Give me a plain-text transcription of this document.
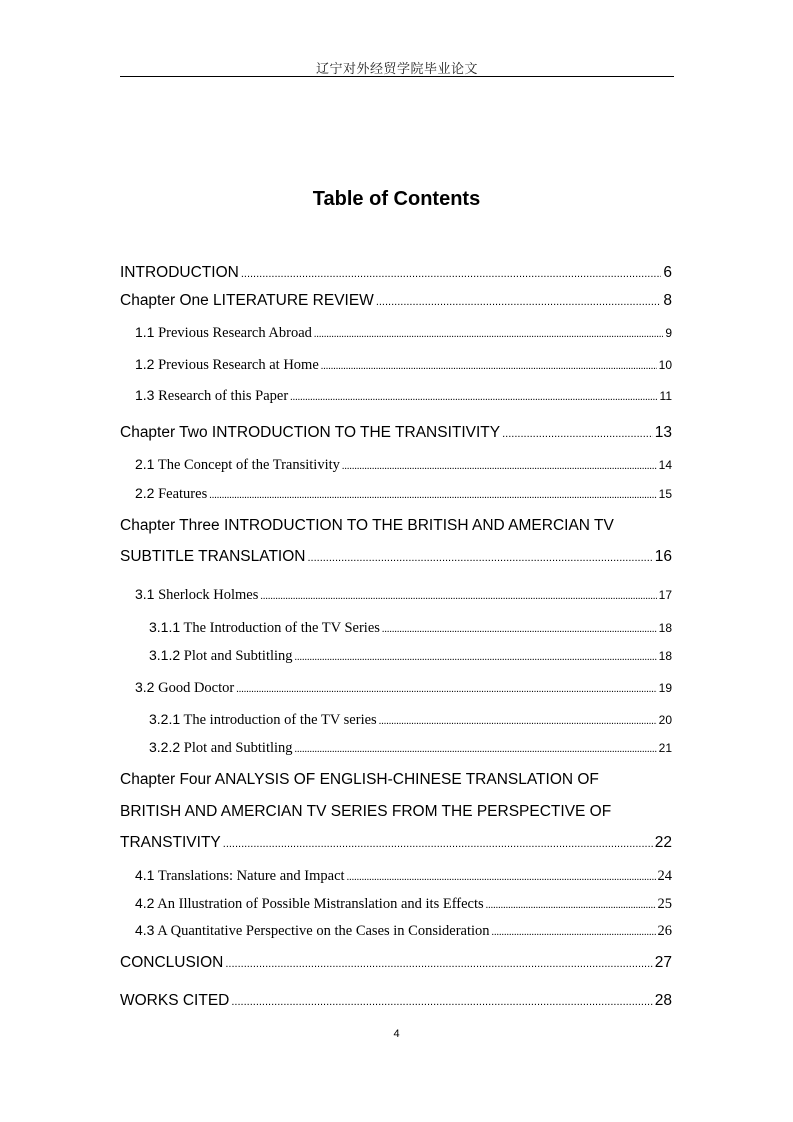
辽宁对外经贸学院毕业论文
Table of Contents
INTRODUCTION .....	6
Chapter One LITERATURE REVIEW .....	8
1.1 Previous Research Abroad .....	9
1.2 Previous Research at Home .....	10
1.3 Research of this Paper .....	11
Chapter Two INTRODUCTION TO THE TRANSITIVITY .....	13
2.1 The Concept of the Transitivity .....	14
2.2 Features .....	15
Chapter Three INTRODUCTION TO THE BRITISH AND AMERCIAN TV
SUBTITLE TRANSLATION .....	16
3.1 Sherlock Holmes .....	17
3.1.1 The Introduction of the TV Series .....	18
3.1.2 Plot and Subtitling .....	18
3.2 Good Doctor .....	19
3.2.1 The introduction of the TV series .....	20
3.2.2 Plot and Subtitling .....	21
Chapter Four ANALYSIS OF ENGLISH-CHINESE TRANSLATION OF
BRITISH AND AMERCIAN TV SERIES FROM THE PERSPECTIVE OF
TRANSTIVITY .....	22
4.1 Translations: Nature and Impact .....	24
4.2 An Illustration of Possible Mistranslation and its Effects .....	25
4.3 A Quantitative Perspective on the Cases in Consideration .....	26
CONCLUSION .....	27
WORKS CITED .....	28
4
